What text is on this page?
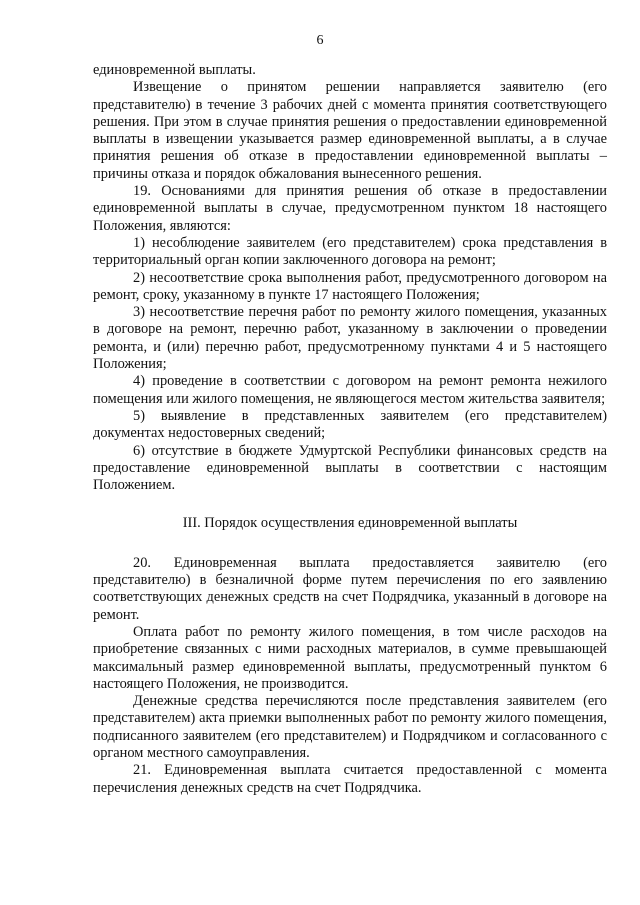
6

единовременной выплаты.

Извещение о принятом решении направляется заявителю (его представителю) в течение 3 рабочих дней с момента принятия соответствующего решения. При этом в случае принятия решения о предоставлении единовременной выплаты в извещении указывается размер единовременной выплаты, а в случае принятия решения об отказе в предоставлении единовременной выплаты – причины отказа и порядок обжалования вынесенного решения.

19. Основаниями для принятия решения об отказе в предоставлении единовременной выплаты в случае, предусмотренном пунктом 18 настоящего Положения, являются:

1) несоблюдение заявителем (его представителем) срока представления в территориальный орган копии заключенного договора на ремонт;

2) несоответствие срока выполнения работ, предусмотренного договором на ремонт, сроку, указанному в пункте 17 настоящего Положения;

3) несоответствие перечня работ по ремонту жилого помещения, указанных в договоре на ремонт, перечню работ, указанному в заключении о проведении ремонта, и (или) перечню работ, предусмотренному пунктами 4 и 5 настоящего Положения;

4) проведение в соответствии с договором на ремонт ремонта нежилого помещения или жилого помещения, не являющегося местом жительства заявителя;

5) выявление в представленных заявителем (его представителем) документах недостоверных сведений;

6) отсутствие в бюджете Удмуртской Республики финансовых средств на предоставление единовременной выплаты в соответствии с настоящим Положением.

III. Порядок осуществления единовременной выплаты

20. Единовременная выплата предоставляется заявителю (его представителю) в безналичной форме путем перечисления по его заявлению соответствующих денежных средств на счет Подрядчика, указанный в договоре на ремонт.

Оплата работ по ремонту жилого помещения, в том числе расходов на приобретение связанных с ними расходных материалов, в сумме превышающей максимальный размер единовременной выплаты, предусмотренный пунктом 6 настоящего Положения, не производится.

Денежные средства перечисляются после представления заявителем (его представителем) акта приемки выполненных работ по ремонту жилого помещения, подписанного заявителем (его представителем) и Подрядчиком и согласованного с органом местного самоуправления.

21. Единовременная выплата считается предоставленной с момента перечисления денежных средств на счет Подрядчика.
